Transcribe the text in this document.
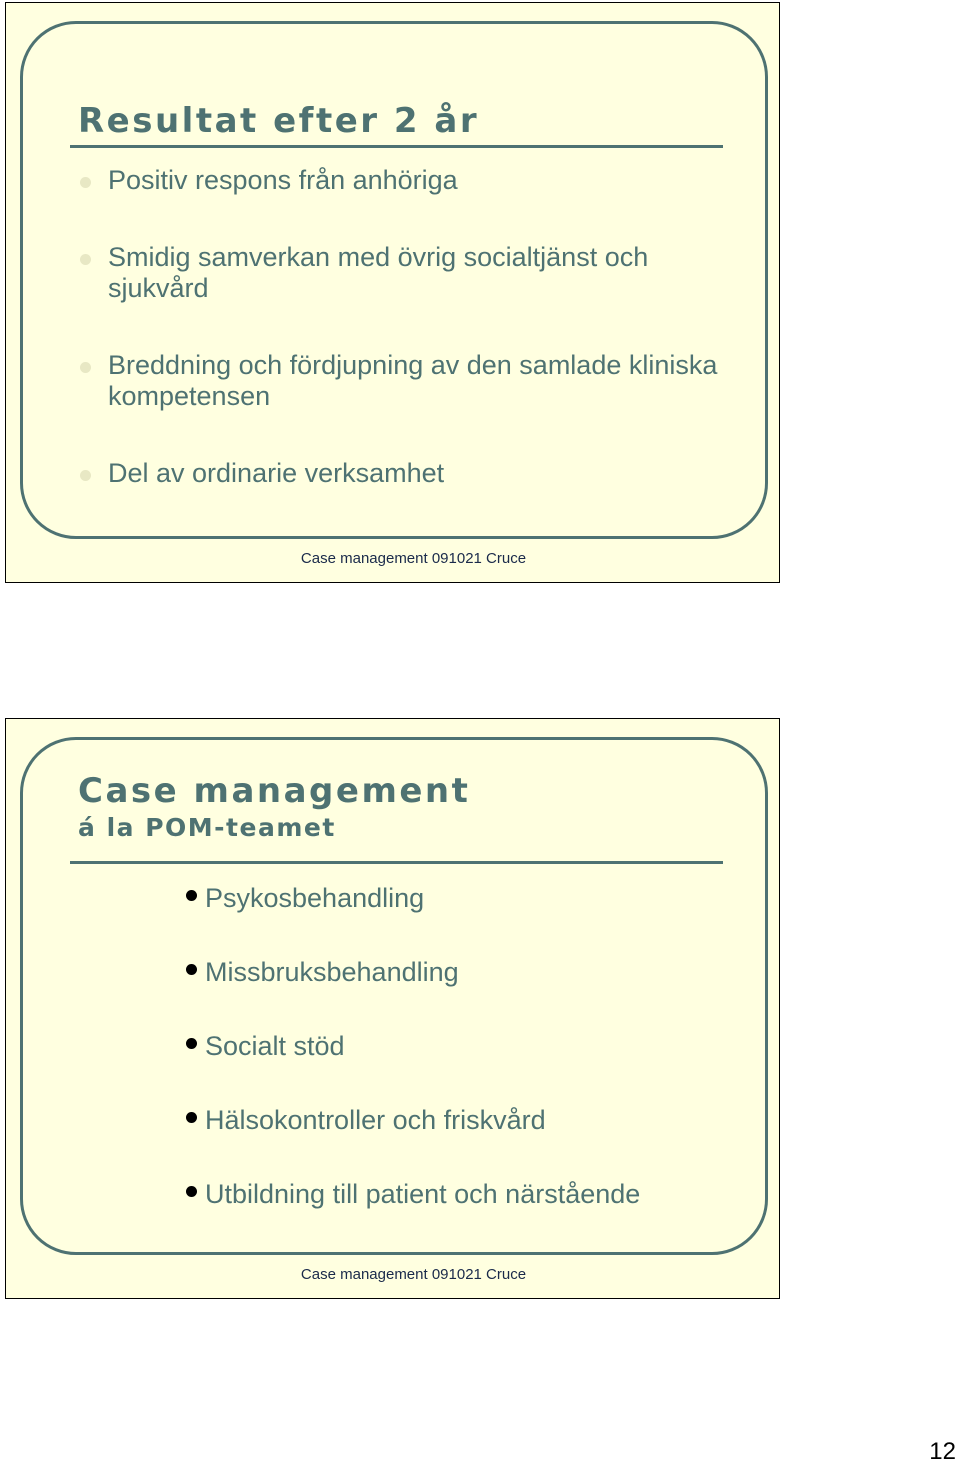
Resultat efter 2 år
Positiv respons från anhöriga
Smidig samverkan med övrig socialtjänst och sjukvård
Breddning och fördjupning av den samlade kliniska kompetensen
Del av ordinarie verksamhet
Case management 091021 Cruce
Case management
á la POM-teamet
Psykosbehandling
Missbruksbehandling
Socialt stöd
Hälsokontroller och friskvård
Utbildning till patient och närstående
Case management 091021 Cruce
12
